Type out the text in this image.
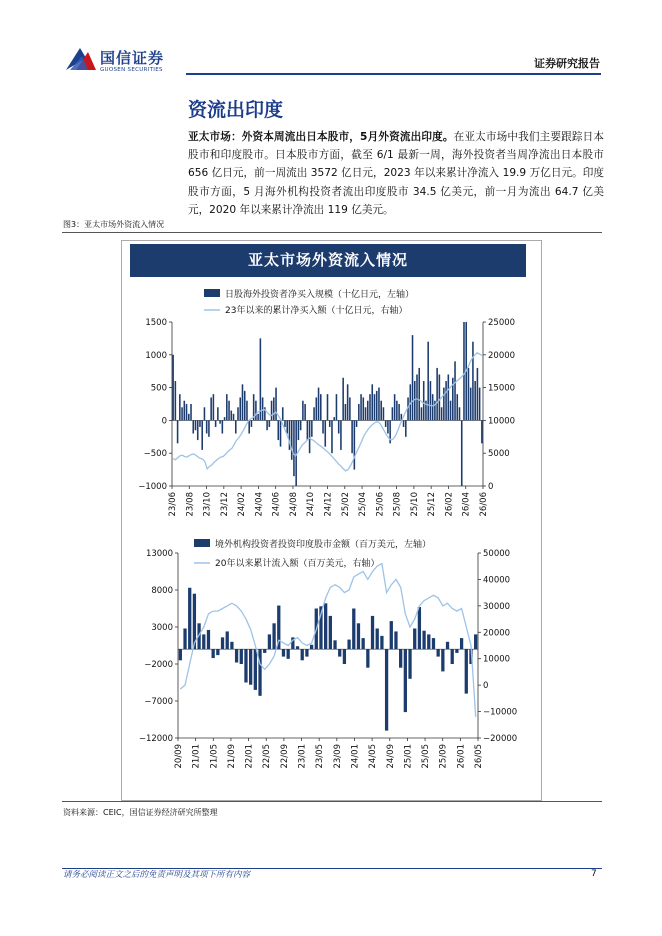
国信证券
GUOSEN SECURITIES	证券研究报告
资流出印度
亚太市场：外资本周流出日本股市，5月外资流出印度。在亚太市场中我们主要跟踪日本股市和印度股市。日本股市方面，截至 6/1 最新一周，海外投资者当周净流出日本股市 656 亿日元，前一周流出 3572 亿日元，2023 年以来累计净流入 19.9 万亿日元。印度股市方面，5 月海外机构投资者流出印度股市 34.5 亿美元，前一月为流出 64.7 亿美元，2020 年以来累计净流出 119 亿美元。
图3：亚太市场外资流入情况
亚太市场外资流入情况
日股海外投资者净买入规模（十亿日元，左轴）
23年以来的累计净买入额（十亿日元，右轴）
境外机构投资者投资印度股市金额（百万美元，左轴）
20年以来累计流入额（百万美元，右轴）
1500
1000
500
0
−500
−1000
25000
20000
15000
10000
5000
0
23/06 23/08 23/10 23/12 24/02 24/04 24/06 24/08 24/10 24/12 25/02 25/04 25/06 25/08 25/10 25/12 26/02 26/04 26/06
13000
8000
3000
−2000
−7000
−12000
50000
40000
30000
20000
10000
0
−10000
−20000
20/09 21/01 21/05 21/09 22/01 22/05 22/09 23/01 23/05 23/09 24/01 24/05 24/09 25/01 25/05 25/09 26/01 26/05
资料来源：CEIC，国信证券经济研究所整理
请务必阅读正文之后的免责声明及其项下所有内容	7
